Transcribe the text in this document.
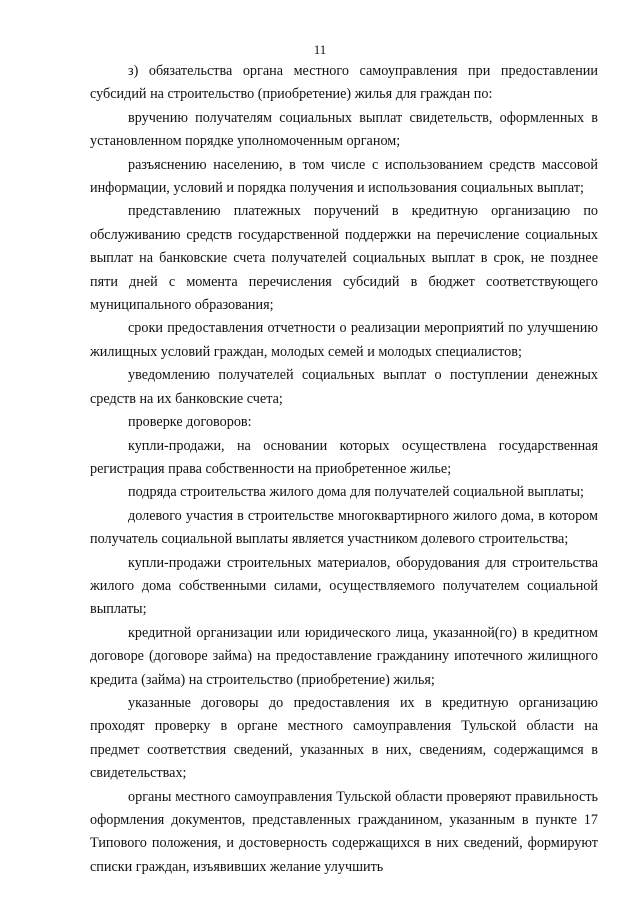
11

з) обязательства органа местного самоуправления при предоставлении субсидий на строительство (приобретение) жилья для граждан по:

вручению получателям социальных выплат свидетельств, оформленных в установленном порядке уполномоченным органом;

разъяснению населению, в том числе с использованием средств массовой информации, условий и порядка получения и использования социальных выплат;

представлению платежных поручений в кредитную организацию по обслуживанию средств государственной поддержки на перечисление социальных выплат на банковские счета получателей социальных выплат в срок, не позднее пяти дней с момента перечисления субсидий в бюджет соответствующего муниципального образования;

сроки предоставления отчетности о реализации мероприятий по улучшению жилищных условий граждан, молодых семей и молодых специалистов;

уведомлению получателей социальных выплат о поступлении денежных средств на их банковские счета;

проверке договоров:

купли-продажи, на основании которых осуществлена государственная регистрация права собственности на приобретенное жилье;

подряда строительства жилого дома для получателей социальной выплаты;

долевого участия в строительстве многоквартирного жилого дома, в котором получатель социальной выплаты является участником долевого строительства;

купли-продажи строительных материалов, оборудования для строительства жилого дома собственными силами, осуществляемого получателем социальной выплаты;

кредитной организации или юридического лица, указанной(го) в кредитном договоре (договоре займа) на предоставление гражданину ипотечного жилищного кредита (займа) на строительство (приобретение) жилья;

указанные договоры до предоставления их в кредитную организацию проходят проверку в органе местного самоуправления Тульской области на предмет соответствия сведений, указанных в них, сведениям, содержащимся в свидетельствах;

органы местного самоуправления Тульской области проверяют правильность оформления документов, представленных гражданином, указанным в пункте 17 Типового положения, и достоверность содержащихся в них сведений, формируют списки граждан, изъявивших желание улучшить
